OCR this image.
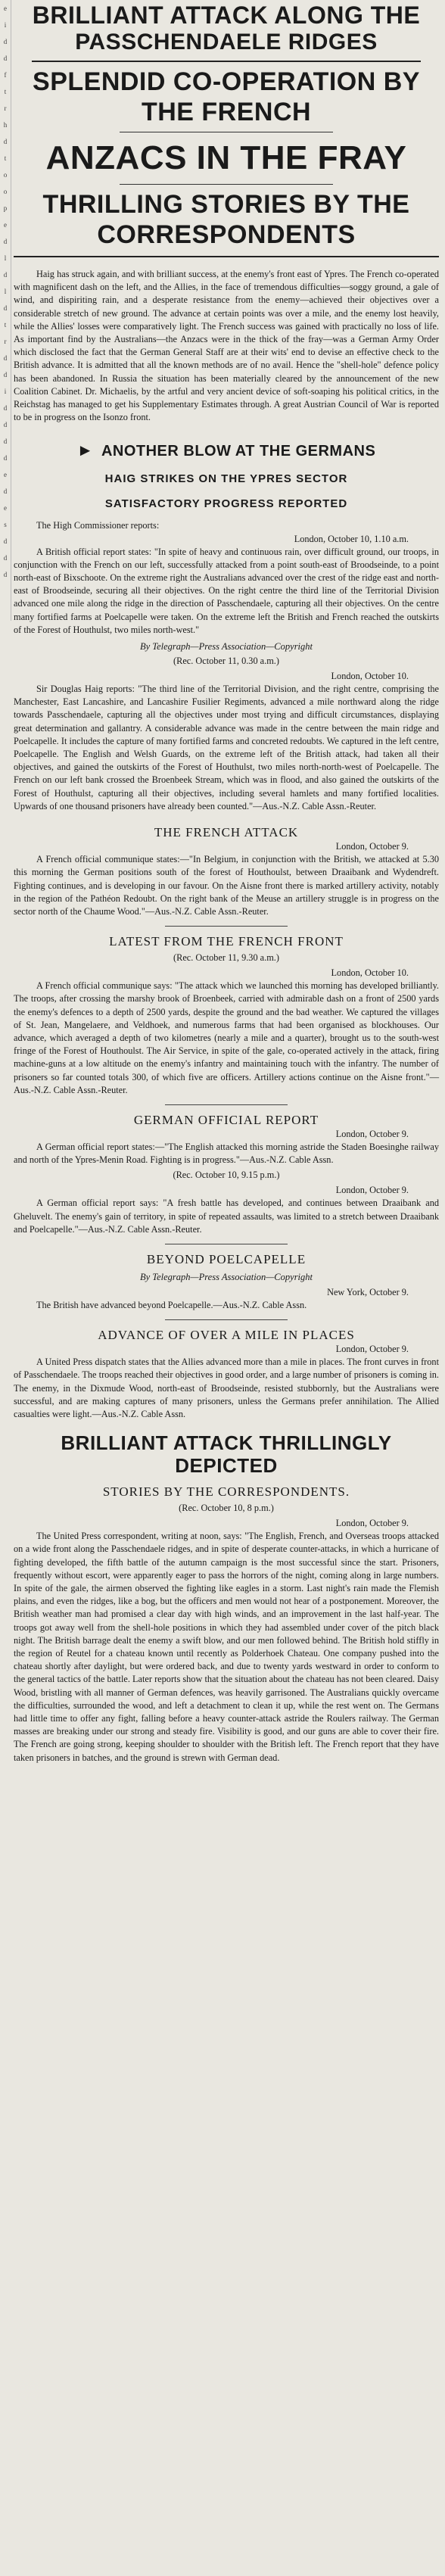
e
i
d
d
f
t
r
h
d
t
o
o
p
e
d
l
d
l
d
t
r
d
d
i
d
d
d
d
e
d
e
s
d
d
d
BRILLIANT ATTACK ALONG THE
PASSCHENDAELE RIDGES
SPLENDID CO-OPERATION BY
THE FRENCH
ANZACS IN THE FRAY
THRILLING STORIES BY THE
CORRESPONDENTS

Haig has struck again, and with brilliant success, at the enemy's front east of Ypres. The French co-operated with magnificent dash on the left, and the Allies, in the face of tremendous difficulties—soggy ground, a gale of wind, and dispiriting rain, and a desperate resistance from the enemy—achieved their objectives over a considerable stretch of new ground. The advance at certain points was over a mile, and the enemy lost heavily, while the Allies' losses were comparatively light. The French success was gained with practically no loss of life. As important find by the Australians—the Anzacs were in the thick of the fray—was a German Army Order which disclosed the fact that the German General Staff are at their wits' end to devise an effective check to the British advance. It is admitted that all the known methods are of no avail. Hence the "shell-hole" defence policy has been abandoned. In Russia the situation has been materially cleared by the announcement of the new Coalition Cabinet. Dr. Michaelis, by the artful and very ancient device of soft-soaping his political critics, in the Reichstag has managed to get his Supplementary Estimates through. A great Austrian Council of War is reported to be in progress on the Isonzo front.

► ANOTHER BLOW AT THE GERMANS
HAIG STRIKES ON THE YPRES SECTOR
SATISFACTORY PROGRESS REPORTED

The High Commissioner reports:

London, October 10, 1.10 a.m.

A British official report states: "In spite of heavy and continuous rain, over difficult ground, our troops, in conjunction with the French on our left, successfully attacked from a point south-east of Broodseinde, to a point north-east of Bixschoote. On the extreme right the Australians advanced over the crest of the ridge east and north-east of Broodseinde, securing all their objectives. On the right centre the third line of the Territorial Division advanced one mile along the ridge in the direction of Passchendaele, capturing all their objectives. On the centre many fortified farms at Poelcapelle were taken. On the extreme left the British and French reached the outskirts of the Forest of Houthulst, two miles north-west."

By Telegraph—Press Association—Copyright

(Rec. October 11, 0.30 a.m.)

London, October 10.

Sir Douglas Haig reports: "The third line of the Territorial Division, and the right centre, comprising the Manchester, East Lancashire, and Lancashire Fusilier Regiments, advanced a mile northward along the ridge towards Passchendaele, capturing all the objectives under most trying and difficult circumstances, displaying great determination and gallantry. A considerable advance was made in the centre between the main ridge and Poelcapelle. It includes the capture of many fortified farms and concreted redoubts. We captured in the left centre, Poelcapelle. The English and Welsh Guards, on the extreme left of the British attack, had taken all their objectives, and gained the outskirts of the Forest of Houthulst, two miles north-north-west of Poelcapelle. The French on our left bank crossed the Broenbeek Stream, which was in flood, and also gained the outskirts of the Forest of Houthulst, capturing all their objectives, including several hamlets and many fortified localities. Upwards of one thousand prisoners have already been counted."—Aus.-N.Z. Cable Assn.-Reuter.

THE FRENCH ATTACK

London, October 9.

A French official communique states:—"In Belgium, in conjunction with the British, we attacked at 5.30 this morning the German positions south of the forest of Houthoulst, between Draaibank and Wydendreft. Fighting continues, and is developing in our favour. On the Aisne front there is marked artillery activity, notably in the region of the Pathéon Redoubt. On the right bank of the Meuse an artillery struggle is in progress on the sector north of the Chaume Wood."—Aus.-N.Z. Cable Assn.-Reuter.

LATEST FROM THE FRENCH FRONT

(Rec. October 11, 9.30 a.m.)

London, October 10.

A French official communique says: "The attack which we launched this morning has developed brilliantly. The troops, after crossing the marshy brook of Broenbeek, carried with admirable dash on a front of 2500 yards the enemy's defences to a depth of 2500 yards, despite the ground and the bad weather. We captured the villages of St. Jean, Mangelaere, and Veldhoek, and numerous farms that had been organised as blockhouses. Our advance, which averaged a depth of two kilometres (nearly a mile and a quarter), brought us to the south-west fringe of the Forest of Houthoulst. The Air Service, in spite of the gale, co-operated actively in the attack, firing machine-guns at a low altitude on the enemy's infantry and maintaining touch with the infantry. The number of prisoners so far counted totals 300, of which five are officers. Artillery actions continue on the Aisne front."—Aus.-N.Z. Cable Assn.-Reuter.

GERMAN OFFICIAL REPORT

London, October 9.

A German official report states:—"The English attacked this morning astride the Staden Boesinghe railway and north of the Ypres-Menin Road. Fighting is in progress."—Aus.-N.Z. Cable Assn.

(Rec. October 10, 9.15 p.m.)

London, October 9.

A German official report says: "A fresh battle has developed, and continues between Draaibank and Gheluvelt. The enemy's gain of territory, in spite of repeated assaults, was limited to a stretch between Draaibank and Poelcapelle."—Aus.-N.Z. Cable Assn.-Reuter.

BEYOND POELCAPELLE

By Telegraph—Press Association—Copyright

New York, October 9.

The British have advanced beyond Poelcapelle.—Aus.-N.Z. Cable Assn.

ADVANCE OF OVER A MILE IN PLACES

London, October 9.

A United Press dispatch states that the Allies advanced more than a mile in places. The front curves in front of Passchendaele. The troops reached their objectives in good order, and a large number of prisoners is coming in. The enemy, in the Dixmude Wood, north-east of Broodseinde, resisted stubbornly, but the Australians were successful, and are making captures of many prisoners, unless the Germans prefer annihilation. The Allied casualties were light.—Aus.-N.Z. Cable Assn.

BRILLIANT ATTACK THRILLINGLY DEPICTED
STORIES BY THE CORRESPONDENTS.

(Rec. October 10, 8 p.m.)

London, October 9.

The United Press correspondent, writing at noon, says: "The English, French, and Overseas troops attacked on a wide front along the Passchendaele ridges, and in spite of desperate counter-attacks, in which a hurricane of fighting developed, the fifth battle of the autumn campaign is the most successful since the start. Prisoners, frequently without escort, were apparently eager to pass the horrors of the night, coming along in large numbers. In spite of the gale, the airmen observed the fighting like eagles in a storm. Last night's rain made the Flemish plains, and even the ridges, like a bog, but the officers and men would not hear of a postponement. Moreover, the British weather man had promised a clear day with high winds, and an improvement in the last half-year. The troops got away well from the shell-hole positions in which they had assembled under cover of the pitch black night. The British barrage dealt the enemy a swift blow, and our men followed behind. The British hold stiffly in the region of Reutel for a chateau known until recently as Polderhoek Chateau. One company pushed into the chateau shortly after daylight, but were ordered back, and due to twenty yards westward in order to conform to the general tactics of the battle. Later reports show that the situation about the chateau has not been cleared. Daisy Wood, bristling with all manner of German defences, was heavily garrisoned. The Australians quickly overcame the difficulties, surrounded the wood, and left a detachment to clean it up, while the rest went on. The Germans had little time to offer any fight, falling before a heavy counter-attack astride the Roulers railway. The German masses are breaking under our strong and steady fire. Visibility is good, and our guns are able to cover their fire. The French are going strong, keeping shoulder to shoulder with the British left. The French report that they have taken prisoners in batches, and the ground is strewn with German dead.
